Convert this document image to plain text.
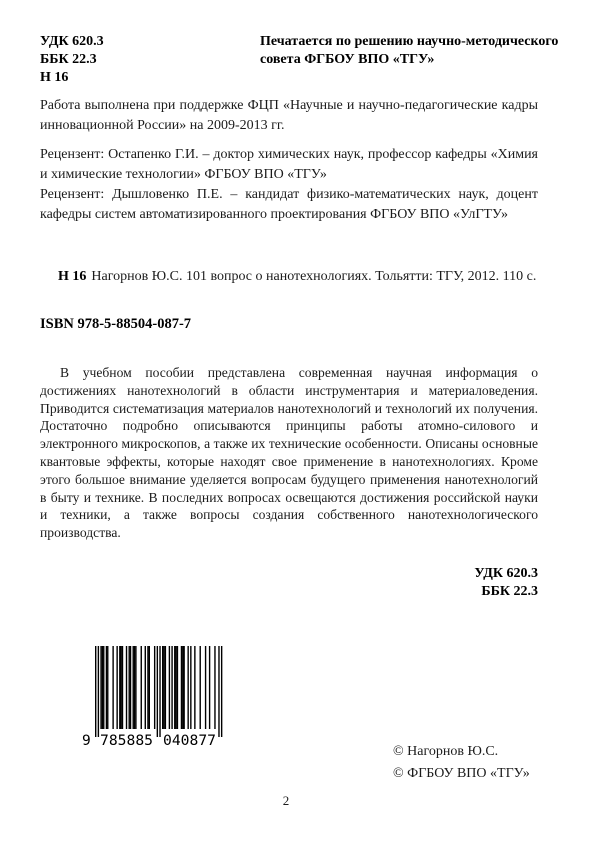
УДК 620.3
ББК 22.3
Н 16
Печатается по решению научно-методического
совета ФГБОУ ВПО «ТГУ»
Работа выполнена при поддержке ФЦП «Научные и научно-педагогические кадры инновационной России» на 2009-2013 гг.

Рецензент: Остапенко Г.И. – доктор химических наук, профессор кафедры «Химия и химические технологии» ФГБОУ ВПО «ТГУ»

Рецензент: Дышловенко П.Е. – кандидат физико-математических наук, доцент кафедры систем автоматизированного проектирования ФГБОУ ВПО «УлГТУ»

Н 16 Нагорнов Ю.С. 101 вопрос о нанотехнологиях. Тольятти: ТГУ, 2012. 110 с.
ISBN 978-5-88504-087-7
В учебном пособии представлена современная научная информация о достижениях нанотехнологий в области инструментария и материаловедения. Приводится систематизация материалов нанотехнологий и технологий их получения. Достаточно подробно описываются принципы работы атомно-силового и электронного микроскопов, а также их технические особенности. Описаны основные квантовые эффекты, которые находят свое применение в нанотехнологиях. Кроме этого большое внимание уделяется вопросам будущего применения нанотехнологий в быту и технике. В последних вопросах освещаются достижения российской науки и техники, а также вопросы создания собственного нанотехнологического производства.
УДК 620.3
ББК 22.3
9 785885 040877
© Нагорнов Ю.С.
© ФГБОУ ВПО «ТГУ»
2
